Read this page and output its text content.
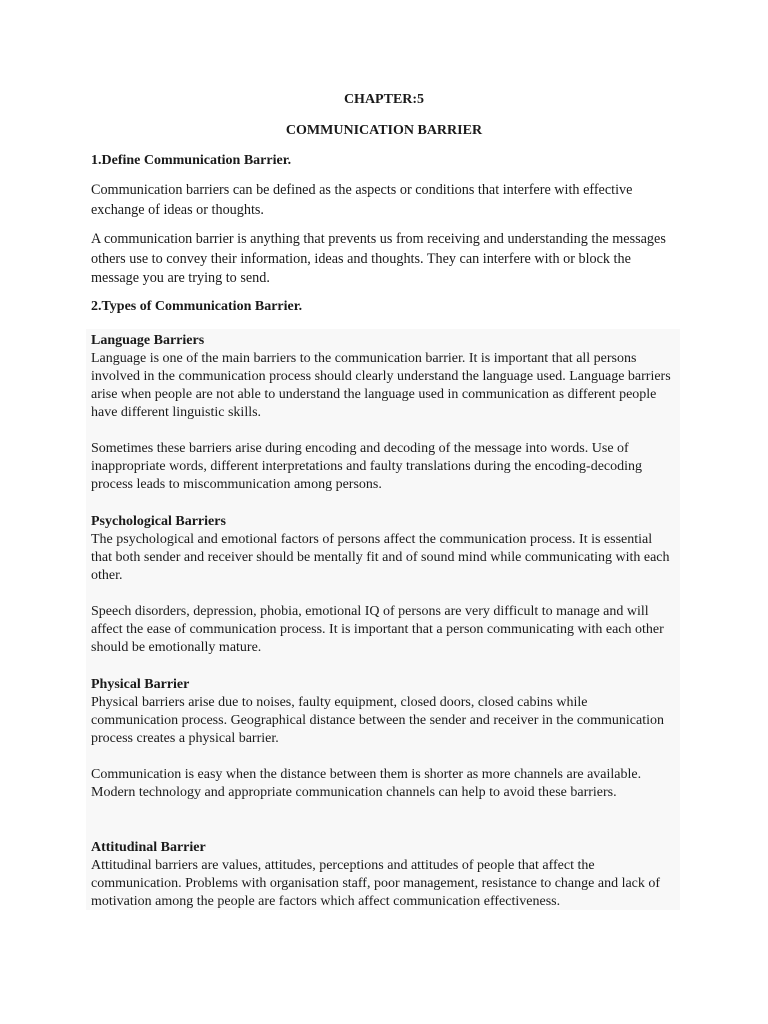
CHAPTER:5
COMMUNICATION BARRIER
1.Define Communication Barrier.

Communication barriers can be defined as the aspects or conditions that interfere with effective exchange of ideas or thoughts.

A communication barrier is anything that prevents us from receiving and understanding the messages others use to convey their information, ideas and thoughts. They can interfere with or block the message you are trying to send.

2.Types of Communication Barrier.
Language Barriers

Language is one of the main barriers to the communication barrier. It is important that all persons involved in the communication process should clearly understand the language used. Language barriers arise when people are not able to understand the language used in communication as different people have different linguistic skills.

Sometimes these barriers arise during encoding and decoding of the message into words. Use of inappropriate words, different interpretations and faulty translations during the encoding-decoding process leads to miscommunication among persons.

Psychological Barriers

The psychological and emotional factors of persons affect the communication process. It is essential that both sender and receiver should be mentally fit and of sound mind while communicating with each other.

Speech disorders, depression, phobia, emotional IQ of persons are very difficult to manage and will affect the ease of communication process. It is important that a person communicating with each other should be emotionally mature.

Physical Barrier

Physical barriers arise due to noises, faulty equipment, closed doors, closed cabins while communication process. Geographical distance between the sender and receiver in the communication process creates a physical barrier.

Communication is easy when the distance between them is shorter as more channels are available. Modern technology and appropriate communication channels can help to avoid these barriers.

Attitudinal Barrier

Attitudinal barriers are values, attitudes, perceptions and attitudes of people that affect the communication. Problems with organisation staff, poor management, resistance to change and lack of motivation among the people are factors which affect communication effectiveness.
